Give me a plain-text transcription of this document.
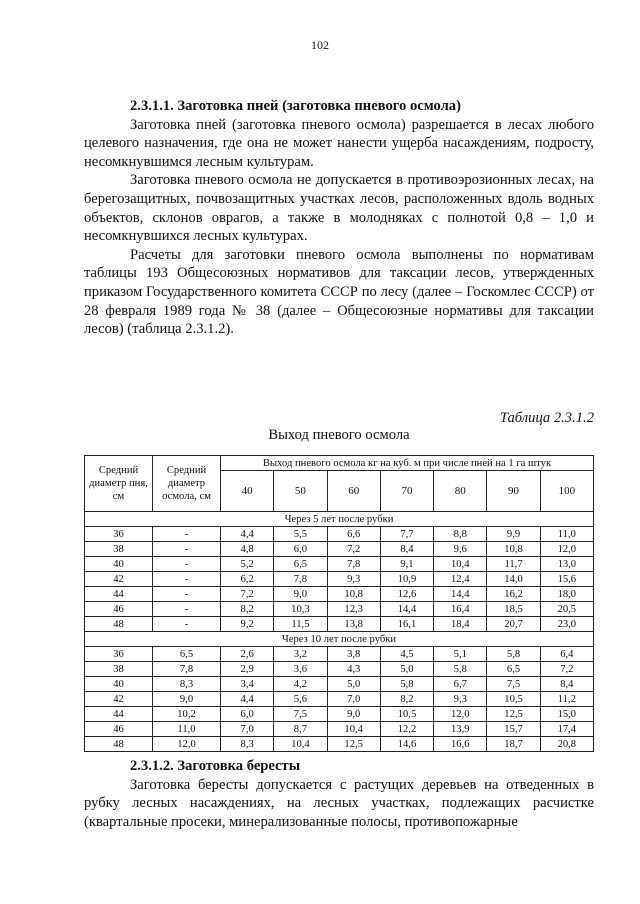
102

2.3.1.1. Заготовка пней (заготовка пневого осмола)

Заготовка пней (заготовка пневого осмола) разрешается в лесах любого целевого назначения, где она не может нанести ущерба насаждениям, подросту, несомкнувшимся лесным культурам.

Заготовка пневого осмола не допускается в противоэрозионных лесах, на берегозащитных, почвозащитных участках лесов, расположенных вдоль водных объектов, склонов оврагов, а также в молодняках с полнотой 0,8 – 1,0 и несомкнувшихся лесных культурах.

Расчеты для заготовки пневого осмола выполнены по нормативам таблицы 193 Общесоюзных нормативов для таксации лесов, утвержденных приказом Государственного комитета СССР по лесу (далее – Госкомлес СССР) от 28 февраля 1989 года № 38 (далее – Общесоюзные нормативы для таксации лесов) (таблица 2.3.1.2).

Таблица 2.3.1.2
Выход пневого осмола
Средний диаметр пня, см	Средний диаметр осмола, см	Выход пневого осмола кг на куб. м при числе пней на 1 га штук						
		40	50	60	70	80	90	100
Через 5 лет после рубки								
36	-	4,4	5,5	6,6	7,7	8,8	9,9	11,0
38	-	4,8	6,0	7,2	8,4	9,6	10,8	12,0
40	-	5,2	6,5	7,8	9,1	10,4	11,7	13,0
42	-	6,2	7,8	9,3	10,9	12,4	14,0	15,6
44	-	7,2	9,0	10,8	12,6	14,4	16,2	18,0
46	-	8,2	10,3	12,3	14,4	16,4	18,5	20,5
48	-	9,2	11,5	13,8	16,1	18,4	20,7	23,0
Через 10 лет после рубки								
36	6,5	2,6	3,2	3,8	4,5	5,1	5,8	6,4
38	7,8	2,9	3,6	4,3	5,0	5,8	6,5	7,2
40	8,3	3,4	4,2	5,0	5,8	6,7	7,5	8,4
42	9,0	4,4	5,6	7,0	8,2	9,3	10,5	11,2
44	10,2	6,0	7,5	9,0	10,5	12,0	12,5	15,0
46	11,0	7,0	8,7	10,4	12,2	13,9	15,7	17,4
48	12,0	8,3	10,4	12,5	14,6	16,6	18,7	20,8

2.3.1.2. Заготовка бересты

Заготовка бересты допускается с растущих деревьев на отведенных в рубку лесных насаждениях, на лесных участках, подлежащих расчистке (квартальные просеки, минерализованные полосы, противопожарные
